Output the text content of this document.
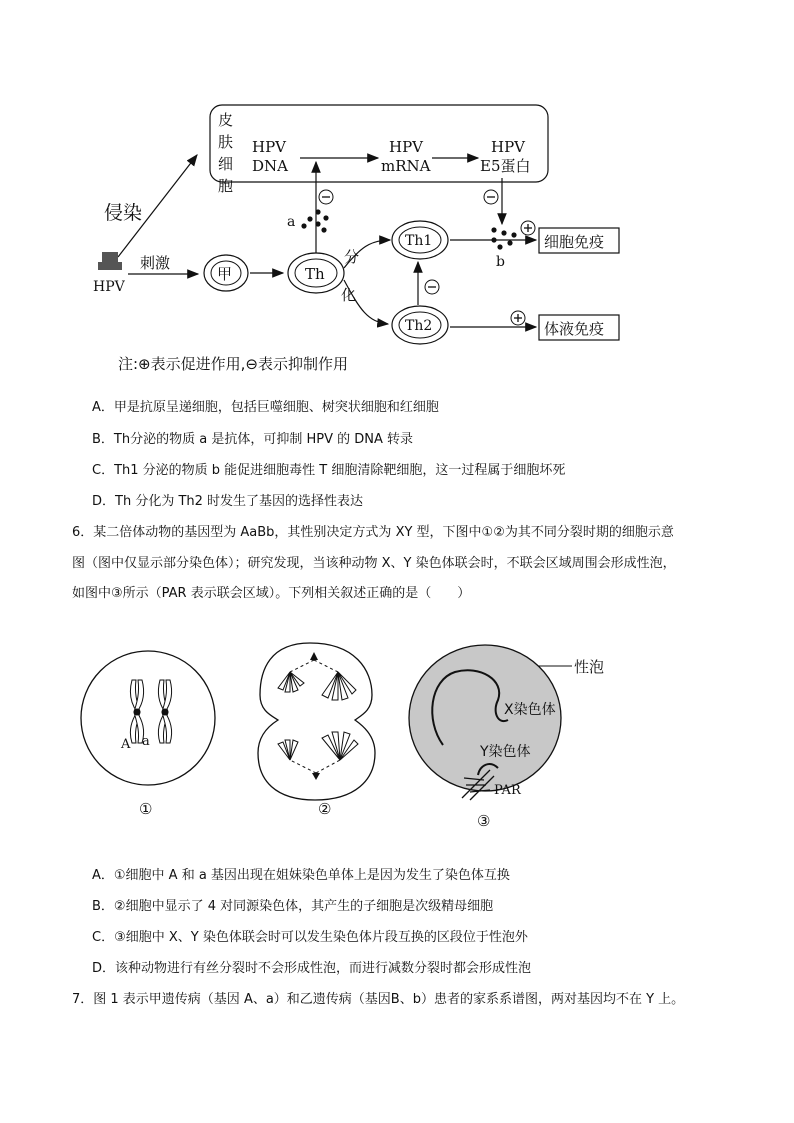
皮
肤
细
胞
HPV
DNA
HPV
mRNA
HPV
E5蛋白
侵染
HPV
刺激
甲	Th
a
分
化
Th1
Th2
b
细胞免疫
体液免疫
注:⊕表示促进作用,⊖表示抑制作用
A．甲是抗原呈递细胞，包括巨噬细胞、树突状细胞和红细胞
B．Th分泌的物质 a 是抗体，可抑制 HPV 的 DNA 转录
C．Th1 分泌的物质 b 能促进细胞毒性 T 细胞清除靶细胞，这一过程属于细胞坏死
D．Th 分化为 Th2 时发生了基因的选择性表达
6．某二倍体动物的基因型为 AaBb，其性别决定方式为 XY 型，下图中①②为其不同分裂时期的细胞示意
图（图中仅显示部分染色体）；研究发现，当该种动物 X、Y 染色体联会时，不联会区域周围会形成性泡，
如图中③所示（PAR 表示联会区域）。下列相关叙述正确的是（　　）
A a
①	②
性泡
X染色体
Y染色体
PAR
③
A．①细胞中 A 和 a 基因出现在姐妹染色单体上是因为发生了染色体互换
B．②细胞中显示了 4 对同源染色体，其产生的子细胞是次级精母细胞
C．③细胞中 X、Y 染色体联会时可以发生染色体片段互换的区段位于性泡外
D．该种动物进行有丝分裂时不会形成性泡，而进行减数分裂时都会形成性泡
7．图 1 表示甲遗传病（基因 A、a）和乙遗传病（基因B、b）患者的家系系谱图，两对基因均不在 Y 上。
